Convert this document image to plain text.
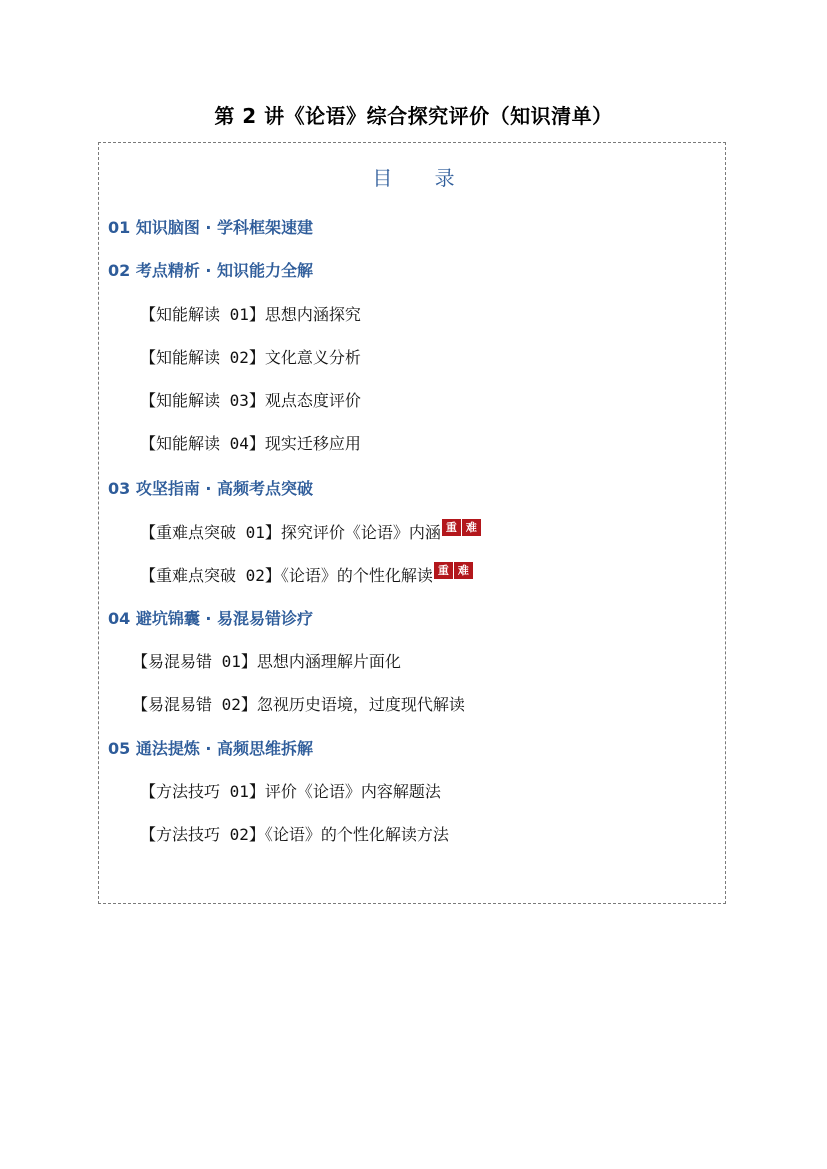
第 2 讲《论语》综合探究评价（知识清单）
目 录
01 知识脑图 · 学科框架速建
02 考点精析 · 知识能力全解
【知能解读 01】思想内涵探究
【知能解读 02】文化意义分析
【知能解读 03】观点态度评价
【知能解读 04】现实迁移应用
03 攻坚指南 · 高频考点突破
【重难点突破 01】探究评价《论语》内涵 重 难
【重难点突破 02】《论语》的个性化解读 重 难
04 避坑锦囊 · 易混易错诊疗
【易混易错 01】思想内涵理解片面化
【易混易错 02】忽视历史语境，过度现代解读
05 通法提炼 · 高频思维拆解
【方法技巧 01】评价《论语》内容解题法
【方法技巧 02】《论语》的个性化解读方法
